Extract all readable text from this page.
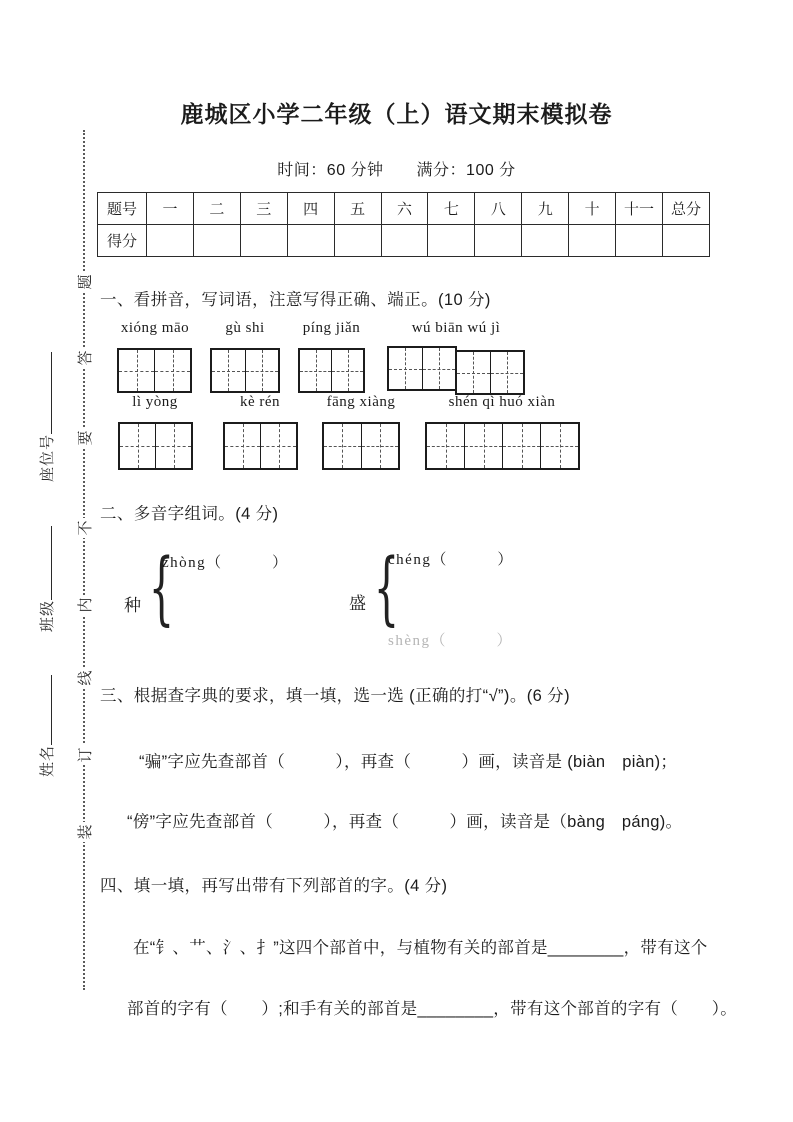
题
答
要
不
内
线
订
装
座位号
班级
姓名
鹿城区小学二年级（上）语文期末模拟卷
时间：60 分钟　　满分：100 分
题号	一	二	三	四	五	六	七	八	九	十	十一	总分
得分												
一、看拼音，写词语，注意写得正确、端正。(10 分)
xióng māo	gù shi	píng jiǎn	wú biān wú jì
lì yòng	kè rén	fāng xiàng	shén qì huó xiàn
二、多音字组词。(4 分)
种 {
zhòng（　　　）
盛 {
chéng（　　　）
shèng（　　　）
三、根据查字典的要求，填一填，选一选 (正确的打“√”)。(6 分)
“骗”字应先查部首（　　　），再查（　　　）画，读音是 (biàn　piàn)；
“傍”字应先查部首（　　　），再查（　　　）画，读音是（bàng　páng)。
四、填一填，再写出带有下列部首的字。(4 分)
在“钅、艹、氵、扌”这四个部首中，与植物有关的部首是________，带有这个
部首的字有（　　）;和手有关的部首是________，带有这个部首的字有（　　）。
